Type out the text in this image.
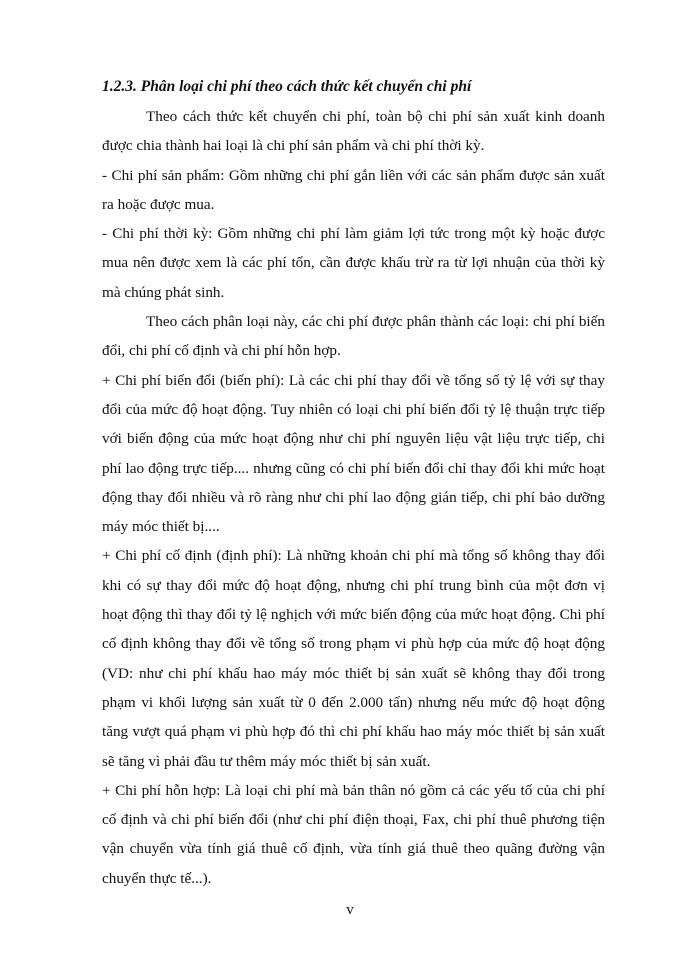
1.2.3. Phân loại chi phí theo cách thức kết chuyển chi phí

Theo cách thức kết chuyển chi phí, toàn bộ chi phí sản xuất kinh doanh được chia thành hai loại là chi phí sản phẩm và chi phí thời kỳ.

- Chi phí sản phẩm: Gồm những chi phí gắn liền với các sản phẩm được sản xuất ra hoặc được mua.

- Chi phí thời kỳ: Gồm những chi phí làm giảm lợi tức trong một kỳ hoặc được mua nên được xem là các phí tổn, cần được khấu trừ ra từ lợi nhuận của thời kỳ mà chúng phát sinh.

Theo cách phân loại này, các chi phí được phân thành các loại: chi phí biến đổi, chi phí cố định và chi phí hỗn hợp.

+ Chi phí biến đổi (biến phí): Là các chi phí thay đổi về tổng số tỷ lệ với sự thay đổi của mức độ hoạt động. Tuy nhiên có loại chi phí biến đổi tỷ lệ thuận trực tiếp với biến động của mức hoạt động như chi phí nguyên liệu vật liệu trực tiếp, chi phí lao động trực tiếp.... nhưng cũng có chi phí biến đổi chỉ thay đổi khi mức hoạt động thay đổi nhiều và rõ ràng như chi phí lao động gián tiếp, chi phí bảo dưỡng máy móc thiết bị....

+ Chi phí cố định (định phí): Là những khoản chi phí mà tổng số không thay đổi khi có sự thay đổi mức độ hoạt động, nhưng chi phí trung bình của một đơn vị hoạt động thì thay đổi tỷ lệ nghịch với mức biến động của mức hoạt động. Chi phí cố định không thay đổi về tổng số trong phạm vi phù hợp của mức độ hoạt động (VD: như chi phí khấu hao máy móc thiết bị sản xuất sẽ không thay đổi trong phạm vi khối lượng sản xuất từ 0 đến 2.000 tấn) nhưng nếu mức độ hoạt động tăng vượt quá phạm vi phù hợp đó thì chi phí khấu hao máy móc thiết bị sản xuất sẽ tăng vì phải đầu tư thêm máy móc thiết bị sản xuất.

+ Chi phí hỗn hợp: Là loại chi phí mà bản thân nó gồm cả các yếu tố của chi phí cố định và chi phí biến đổi (như chi phí điện thoại, Fax, chi phí thuê phương tiện vận chuyển vừa tính giá thuê cố định, vừa tính giá thuê theo quãng đường vận chuyển thực tế...).

v
